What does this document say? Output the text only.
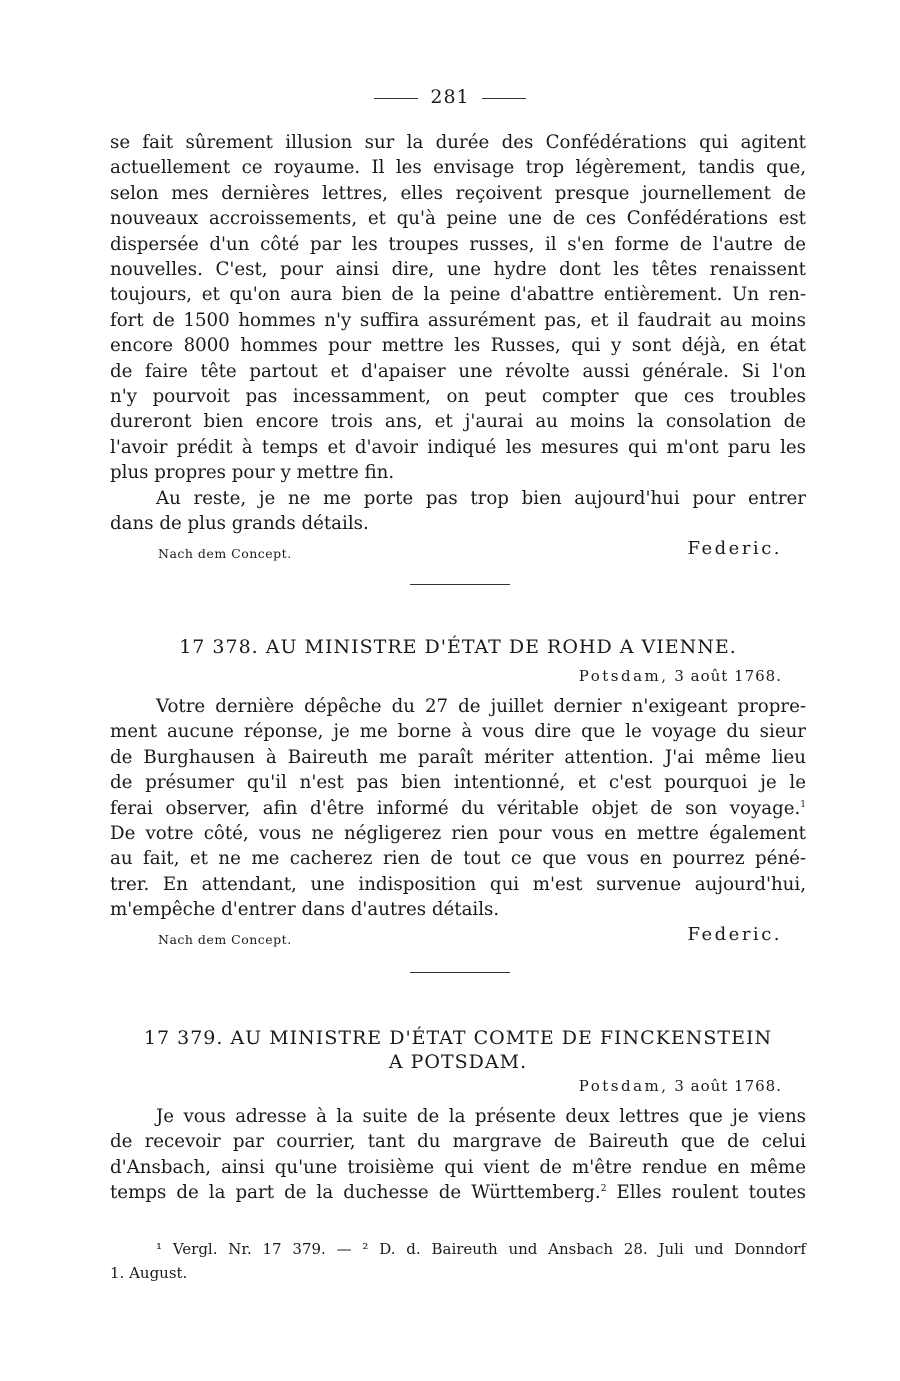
281

se fait sûrement illusion sur la durée des Confédérations qui agitent
actuellement ce royaume. Il les envisage trop légèrement, tandis que,
selon mes dernières lettres, elles reçoivent presque journellement de
nouveaux accroissements, et qu'à peine une de ces Confédérations est
dispersée d'un côté par les troupes russes, il s'en forme de l'autre de
nouvelles. C'est, pour ainsi dire, une hydre dont les têtes renaissent
toujours, et qu'on aura bien de la peine d'abattre entièrement. Un ren-
fort de 1500 hommes n'y suffira assurément pas, et il faudrait au moins
encore 8000 hommes pour mettre les Russes, qui y sont déjà, en état
de faire tête partout et d'apaiser une révolte aussi générale. Si l'on
n'y pourvoit pas incessamment, on peut compter que ces troubles
dureront bien encore trois ans, et j'aurai au moins la consolation de
l'avoir prédit à temps et d'avoir indiqué les mesures qui m'ont paru les
plus propres pour y mettre fin.

Au reste, je ne me porte pas trop bien aujourd'hui pour entrer
dans de plus grands détails.

Nach dem Concept.	Federic.
17 378. AU MINISTRE D'ÉTAT DE ROHD A VIENNE.
Potsdam, 3 août 1768.

Votre dernière dépêche du 27 de juillet dernier n'exigeant propre-
ment aucune réponse, je me borne à vous dire que le voyage du sieur
de Burghausen à Baireuth me paraît mériter attention. J'ai même lieu
de présumer qu'il n'est pas bien intentionné, et c'est pourquoi je le
ferai observer, afin d'être informé du véritable objet de son voyage.$^1$
De votre côté, vous ne négligerez rien pour vous en mettre également
au fait, et ne me cacherez rien de tout ce que vous en pourrez péné-
trer. En attendant, une indisposition qui m'est survenue aujourd'hui,
m'empêche d'entrer dans d'autres détails.

Nach dem Concept.	Federic.
17 379. AU MINISTRE D'ÉTAT COMTE DE FINCKENSTEIN
A POTSDAM.
Potsdam, 3 août 1768.

Je vous adresse à la suite de la présente deux lettres que je viens
de recevoir par courrier, tant du margrave de Baireuth que de celui
d'Ansbach, ainsi qu'une troisième qui vient de m'être rendue en même
temps de la part de la duchesse de Württemberg.$^2$ Elles roulent toutes

¹ Vergl. Nr. 17 379. — ² D. d. Baireuth und Ansbach 28. Juli und Donndorf
1. August.
